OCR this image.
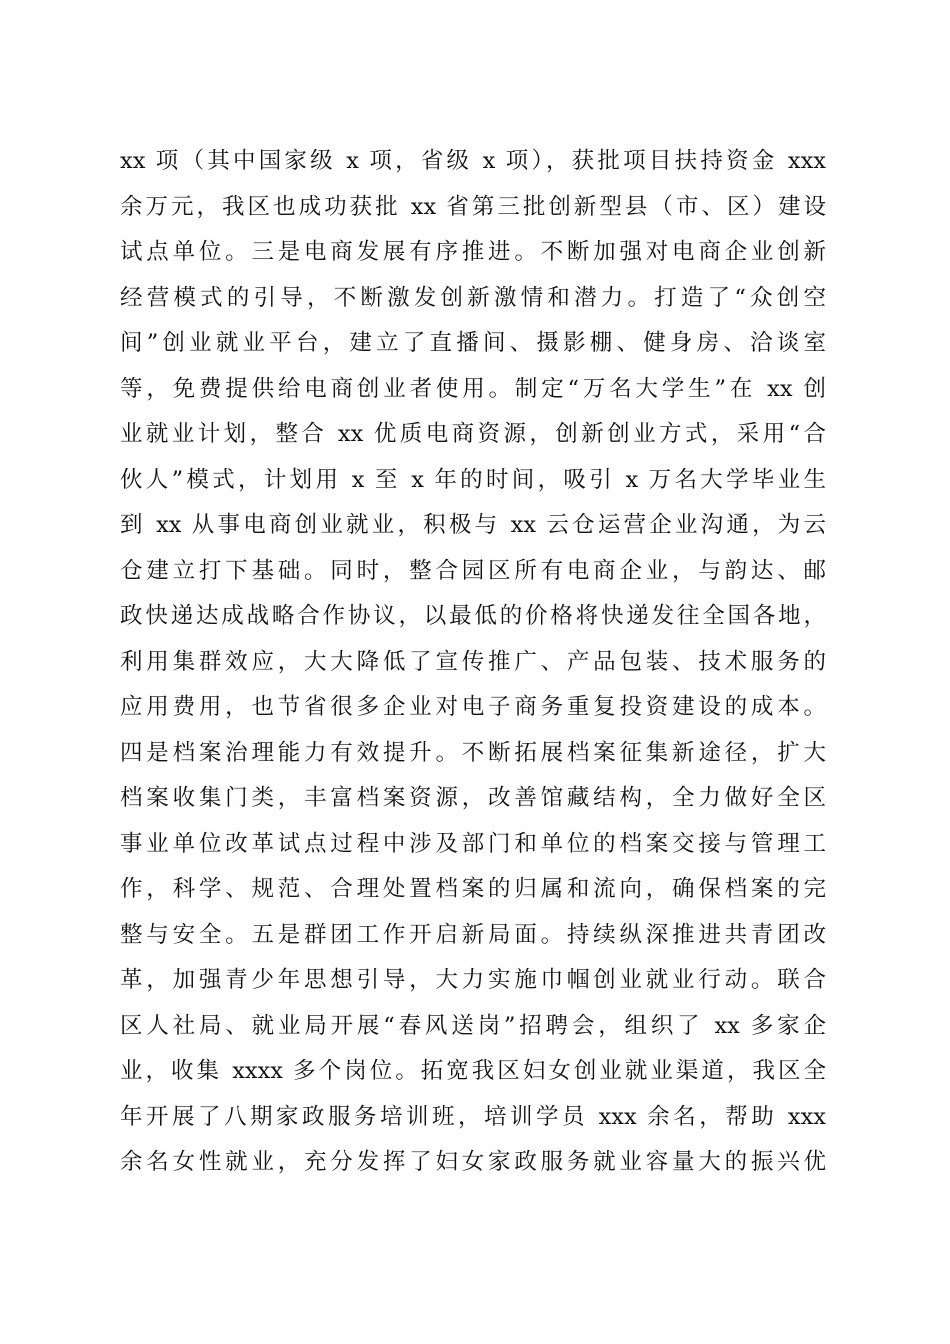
xx 项（其中国家级 x 项，省级 x 项），获批项目扶持资金 xxx
余万元，我区也成功获批 xx 省第三批创新型县（市、区）建设
试点单位。三是电商发展有序推进。不断加强对电商企业创新
经营模式的引导，不断激发创新激情和潜力。打造了“众创空
间”创业就业平台，建立了直播间、摄影棚、健身房、洽谈室
等，免费提供给电商创业者使用。制定“万名大学生”在 xx 创
业就业计划，整合 xx 优质电商资源，创新创业方式，采用“合
伙人”模式，计划用 x 至 x 年的时间，吸引 x 万名大学毕业生
到 xx 从事电商创业就业，积极与 xx 云仓运营企业沟通，为云
仓建立打下基础。同时，整合园区所有电商企业，与韵达、邮
政快递达成战略合作协议，以最低的价格将快递发往全国各地，
利用集群效应，大大降低了宣传推广、产品包装、技术服务的
应用费用，也节省很多企业对电子商务重复投资建设的成本。
四是档案治理能力有效提升。不断拓展档案征集新途径，扩大
档案收集门类，丰富档案资源，改善馆藏结构，全力做好全区
事业单位改革试点过程中涉及部门和单位的档案交接与管理工
作，科学、规范、合理处置档案的归属和流向，确保档案的完
整与安全。五是群团工作开启新局面。持续纵深推进共青团改
革，加强青少年思想引导，大力实施巾帼创业就业行动。联合
区人社局、就业局开展“春风送岗”招聘会，组织了 xx 多家企
业，收集 xxxx 多个岗位。拓宽我区妇女创业就业渠道，我区全
年开展了八期家政服务培训班，培训学员 xxx 余名，帮助 xxx
余名女性就业，充分发挥了妇女家政服务就业容量大的振兴优
